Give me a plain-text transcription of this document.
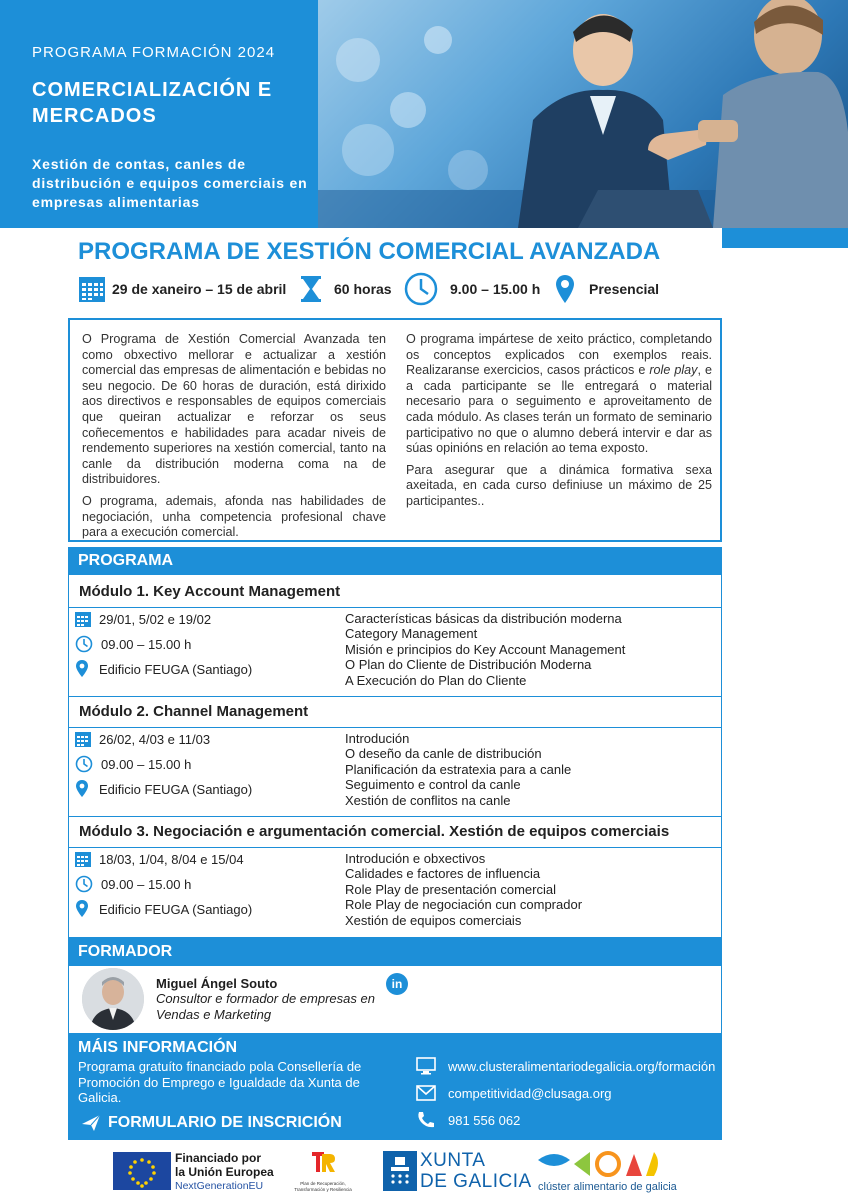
PROGRAMA FORMACIÓN 2024
COMERCIALIZACIÓN E MERCADOS
Xestión de contas, canles de distribución e equipos comerciais en empresas alimentarias
PROGRAMA DE XESTIÓN COMERCIAL AVANZADA
29 de xaneiro – 15 de abril	60 horas	9.00 – 15.00 h	Presencial

O Programa de Xestión Comercial Avanzada ten como obxectivo mellorar e actualizar a xestión comercial das empresas de alimentación e bebidas no seu negocio. De 60 horas de duración, está dirixido aos directivos e responsables de equipos comerciais que queiran actualizar e reforzar os seus coñecementos e habilidades para acadar niveis de rendemento superiores na xestión comercial, tanto na canle da distribución moderna coma na de distribuidores.

O programa, ademais, afonda nas habilidades de negociación, unha competencia profesional chave para a execución comercial.

O programa impártese de xeito práctico, completando os conceptos explicados con exemplos reais. Realizaranse exercicios, casos prácticos e role play, e a cada participante se lle entregará o material necesario para o seguimento e aproveitamento de cada módulo. As clases terán un formato de seminario participativo no que o alumno deberá intervir e dar as súas opinións en relación ao tema exposto.

Para asegurar que a dinámica formativa sexa axeitada, en cada curso definiuse un máximo de 25 participantes..

PROGRAMA
Módulo 1. Key Account Management
29/01, 5/02 e 19/02
09.00 – 15.00 h
Edificio FEUGA (Santiago)
Características básicas da distribución moderna
Category Management
Misión e principios do Key Account Management
O Plan do Cliente de Distribución Moderna
A Execución do Plan do Cliente
Módulo 2. Channel Management
26/02, 4/03 e 11/03
09.00 – 15.00 h
Edificio FEUGA (Santiago)
Introdución
O deseño da canle de distribución
Planificación da estratexia para a canle
Seguimento e control da canle
Xestión de conflitos na canle
Módulo 3. Negociación e argumentación comercial. Xestión de equipos comerciais
18/03, 1/04, 8/04 e 15/04
09.00 – 15.00 h
Edificio FEUGA (Santiago)
Introdución e obxectivos
Calidades e factores de influencia
Role Play de presentación comercial
Role Play de negociación cun comprador
Xestión de equipos comerciais
FORMADOR
Miguel Ángel Souto
Consultor e formador de empresas en Vendas e Marketing
in
MÁIS INFORMACIÓN
Programa gratuíto financiado pola Consellería de Promoción do Emprego e Igualdade da Xunta de Galicia.
FORMULARIO DE INSCRICIÓN
www.clusteralimentariodegalicia.org/formación
competitividad@clusaga.org
981 556 062
Financiado por
la Unión Europea
NextGenerationEU	Plan de Recuperación,
Transformación y Resiliencia
XUNTA
DE GALICIA clúster alimentario de galicia
